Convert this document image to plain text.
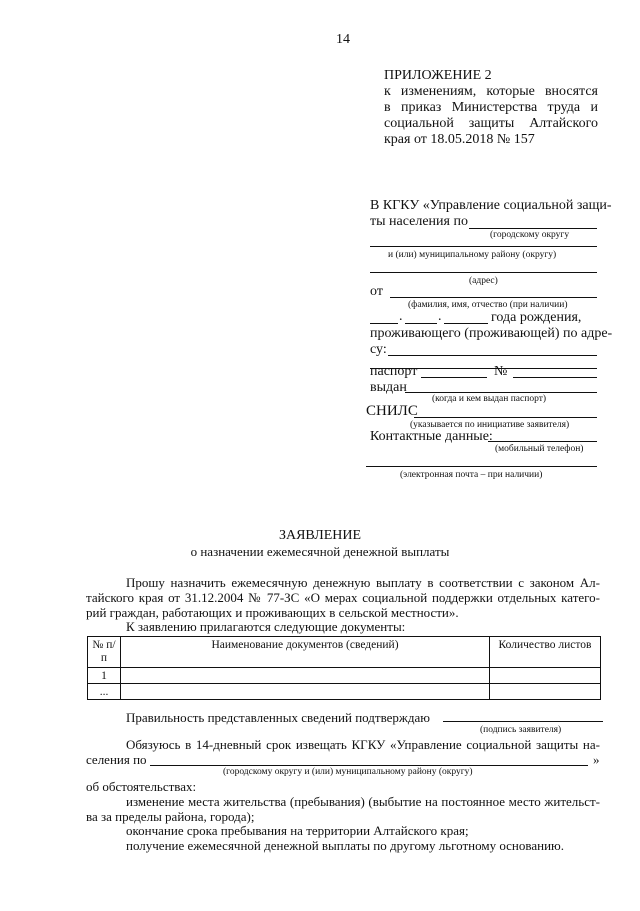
14
ПРИЛОЖЕНИЕ 2
к изменениям, которые вносятся
в приказ Министерства труда и
социальной защиты Алтайского
края от 18.05.2018 № 157
В КГКУ «Управление социальной защи-
ты населения по
(городскому округу
и (или) муниципальному району (округу)
(адрес)
от
(фамилия, имя, отчество (при наличии)
.	.	года рождения,
проживающего (проживающей) по адре-
су:
паспорт	№
выдан
(когда и кем выдан паспорт)
СНИЛС
(указывается по инициативе заявителя)
Контактные данные:
(мобильный телефон)
(электронная почта – при наличии)
ЗАЯВЛЕНИЕ
о назначении ежемесячной денежной выплаты
Прошу назначить ежемесячную денежную выплату в соответствии с законом Ал-
тайского края от 31.12.2004 № 77-ЗС «О мерах социальной поддержки отдельных катего-
рий граждан, работающих и проживающих в сельской местности».
К заявлению прилагаются следующие документы:
№ п/п	Наименование документов (сведений)	Количество листов
1		
...		
Правильность представленных сведений подтверждаю
(подпись заявителя)
Обязуюсь в 14-дневный срок извещать КГКУ «Управление социальной защиты на-
селения по	»
(городскому округу и (или) муниципальному району (округу)
об обстоятельствах:
изменение места жительства (пребывания) (выбытие на постоянное место жительст-
ва за пределы района, города);
окончание срока пребывания на территории Алтайского края;
получение ежемесячной денежной выплаты по другому льготному основанию.
